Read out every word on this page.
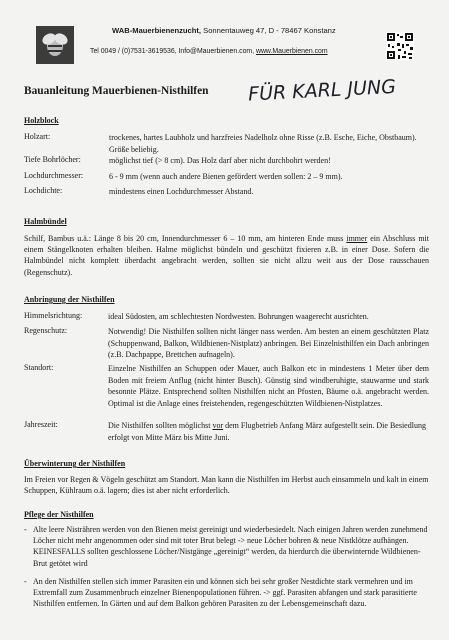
WAB-Mauerbienenzucht, Sonnentauweg 47, D - 78467 Konstanz
Tel 0049 / (0)7531-3619536, Info@Mauerbienen.com, www.Mauerbienen.com
Bauanleitung Mauerbienen-Nisthilfen FÜR KARL JUNG
Holzblock
Holzart:	trockenes, hartes Laubholz und harzfreies Nadelholz ohne Risse (z.B. Esche, Eiche, Obstbaum). Größe beliebig.
Tiefe Bohrlöcher:	möglichst tief (> 8 cm). Das Holz darf aber nicht durchbohrt werden!
Lochdurchmesser:	6 - 9 mm (wenn auch andere Bienen gefördert werden sollen: 2 – 9 mm).
Lochdichte:	mindestens einen Lochdurchmesser Abstand.
Halmbündel
Schilf, Bambus u.ä.: Länge 8 bis 20 cm, Innendurchmesser 6 – 10 mm, am hinteren Ende muss immer ein Abschluss mit einem Stängelknoten erhalten bleiben. Halme möglichst bündeln und geschützt fixieren z.B. in einer Dose. Sofern die Halmbündel nicht komplett überdacht angebracht werden, sollten sie nicht allzu weit aus der Dose rausschauen (Regenschutz).
Anbringung der Nisthilfen
Himmelsrichtung:	ideal Südosten, am schlechtesten Nordwesten. Bohrungen waagerecht ausrichten.
Regenschutz:	Notwendig! Die Nisthilfen sollten nicht länger nass werden. Am besten an einem geschützten Platz (Schuppenwand, Balkon, Wildbienen-Nistplatz) anbringen. Bei Einzelnisthilfen ein Dach anbringen (z.B. Dachpappe, Brettchen aufnageln).
Standort:	Einzelne Nisthilfen an Schuppen oder Mauer, auch Balkon etc in mindestens 1 Meter über dem Boden mit freiem Anflug (nicht hinter Busch). Günstig sind windberuhigte, stauwarme und stark besonnte Plätze. Entsprechend sollten Nisthilfen nicht an Pfosten, Bäume o.ä. angebracht werden. Optimal ist die Anlage eines freistehenden, regengeschützten Wildbienen-Nistplatzes.
Jahreszeit:	Die Nisthilfen sollten möglichst vor dem Flugbetrieb Anfang März aufgestellt sein. Die Besiedlung erfolgt von Mitte März bis Mitte Juni.
Überwinterung der Nisthilfen
Im Freien vor Regen & Vögeln geschützt am Standort. Man kann die Nisthilfen im Herbst auch einsammeln und kalt in einem Schuppen, Kühlraum o.ä. lagern; dies ist aber nicht erforderlich.
Pflege der Nisthilfen
- Alte leere Nisträhren werden von den Bienen meist gereinigt und wiederbesiedelt. Nach einigen Jahren werden zunehmend Löcher nicht mehr angenommen oder sind mit toter Brut belegt -> neue Löcher bohren & neue Nistklötze aufhängen. KEINESFALLS sollten geschlossene Löcher/Nistgänge „gereinigt“ werden, da hierdurch die überwinternde Wildbienen-Brut getötet wird
- An den Nisthilfen stellen sich immer Parasiten ein und können sich bei sehr großer Nestdichte stark vermehren und im Extremfall zum Zusammenbruch einzelner Bienenpopulationen führen. -> ggf. Parasiten abfangen und stark parasitierte Nisthilfen entfernen. In Gärten und auf dem Balkon gehören Parasiten zu der Lebensgemeinschaft dazu.
